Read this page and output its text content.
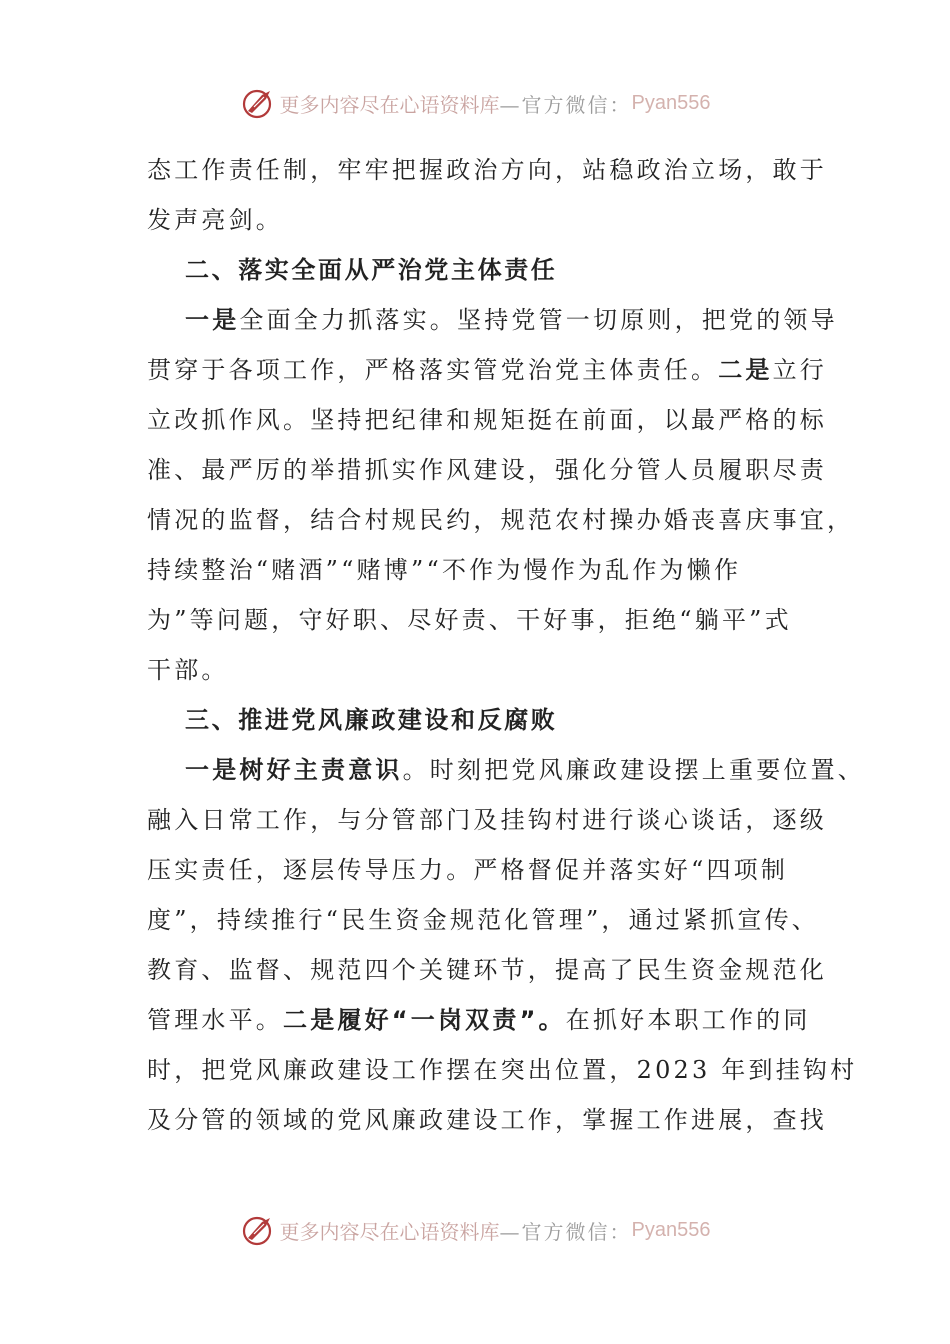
更多内容尽在心语资料库 —官方微信： Pyan556
态工作责任制，牢牢把握政治方向，站稳政治立场，敢于
发声亮剑。
二、落实全面从严治党主体责任
一是全面全力抓落实。坚持党管一切原则，把党的领导
贯穿于各项工作，严格落实管党治党主体责任。二是立行
立改抓作风。坚持把纪律和规矩挺在前面，以最严格的标
准、最严厉的举措抓实作风建设，强化分管人员履职尽责
情况的监督，结合村规民约，规范农村操办婚丧喜庆事宜，
持续整治“赌酒”“赌博”“不作为慢作为乱作为懒作
为”等问题，守好职、尽好责、干好事，拒绝“躺平”式
干部。
三、推进党风廉政建设和反腐败
一是树好主责意识。时刻把党风廉政建设摆上重要位置、
融入日常工作，与分管部门及挂钩村进行谈心谈话，逐级
压实责任，逐层传导压力。严格督促并落实好“四项制
度”，持续推行“民生资金规范化管理”，通过紧抓宣传、
教育、监督、规范四个关键环节，提高了民生资金规范化
管理水平。二是履好“一岗双责”。在抓好本职工作的同
时，把党风廉政建设工作摆在突出位置，2023 年到挂钩村
及分管的领域的党风廉政建设工作，掌握工作进展，查找
更多内容尽在心语资料库 —官方微信： Pyan556
